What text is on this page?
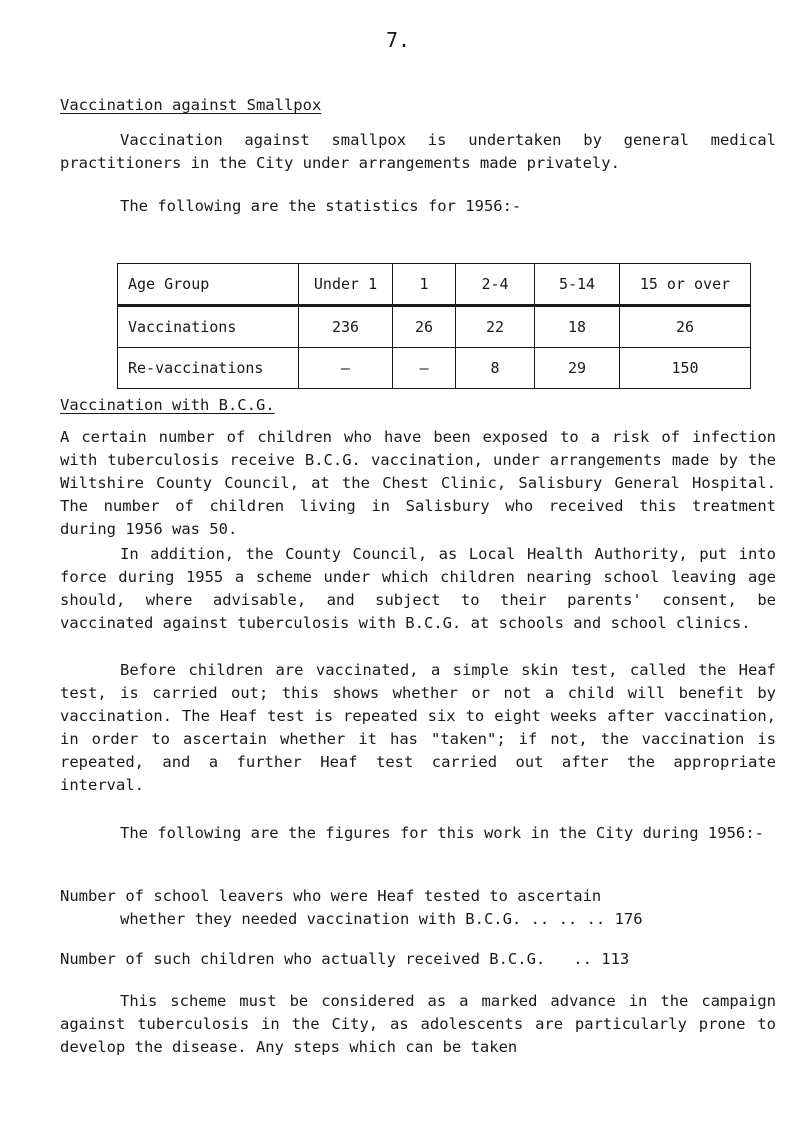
7.
Vaccination against Smallpox

Vaccination against smallpox is undertaken by general medical practitioners in the City under arrangements made privately.

The following are the statistics for 1956:-

Age Group	Under 1	1	2-4	5-14	15 or over
Vaccinations	236	26	22	18	26
Re-vaccinations	–	–	8	29	150
Vaccination with B.C.G.

A certain number of children who have been exposed to a risk of infection with tuberculosis receive B.C.G. vaccination, under arrangements made by the Wiltshire County Council, at the Chest Clinic, Salisbury General Hospital. The number of children living in Salisbury who received this treatment during 1956 was 50.

In addition, the County Council, as Local Health Authority, put into force during 1955 a scheme under which children nearing school leaving age should, where advisable, and subject to their parents' consent, be vaccinated against tuberculosis with B.C.G. at schools and school clinics.

Before children are vaccinated, a simple skin test, called the Heaf test, is carried out; this shows whether or not a child will benefit by vaccination. The Heaf test is repeated six to eight weeks after vaccination, in order to ascertain whether it has "taken"; if not, the vaccination is repeated, and a further Heaf test carried out after the appropriate interval.

The following are the figures for this work in the City during 1956:-

Number of school leavers who were Heaf tested to ascertain
whether they needed vaccination with B.C.G. .. .. .. 176
Number of such children who actually received B.C.G.   .. 113

This scheme must be considered as a marked advance in the campaign against tuberculosis in the City, as adolescents are particularly prone to develop the disease. Any steps which can be taken
